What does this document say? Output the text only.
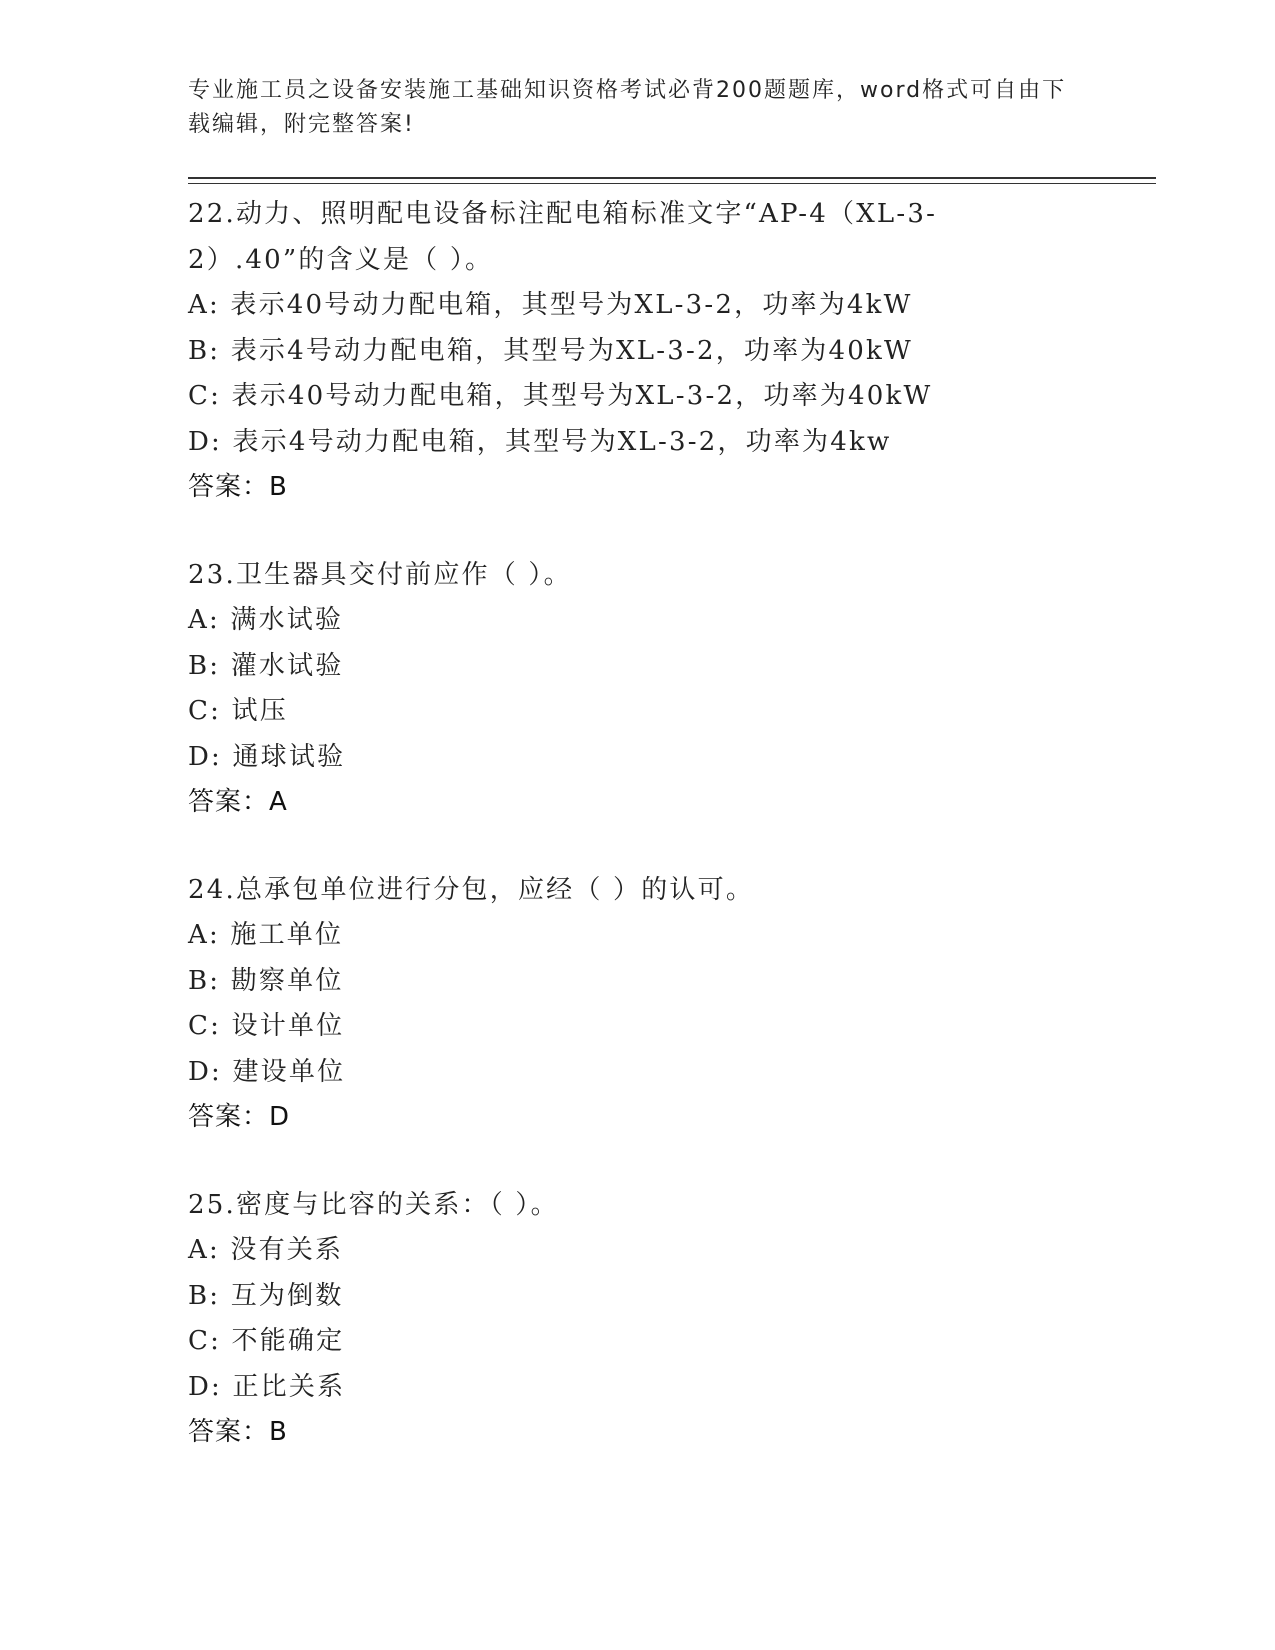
专业施工员之设备安装施工基础知识资格考试必背200题题库，word格式可自由下载编辑，附完整答案!
22.动力、照明配电设备标注配电箱标准文字“AP-4（XL-3-2）.40”的含义是（ ）。
A: 表示40号动力配电箱，其型号为XL-3-2，功率为4kW
B: 表示4号动力配电箱，其型号为XL-3-2，功率为40kW
C: 表示40号动力配电箱，其型号为XL-3-2，功率为40kW
D: 表示4号动力配电箱，其型号为XL-3-2，功率为4kw
答案：B
23.卫生器具交付前应作（ ）。
A: 满水试验
B: 灌水试验
C: 试压
D: 通球试验
答案：A
24.总承包单位进行分包，应经（ ）的认可。
A: 施工单位
B: 勘察单位
C: 设计单位
D: 建设单位
答案：D
25.密度与比容的关系：（ ）。
A: 没有关系
B: 互为倒数
C: 不能确定
D: 正比关系
答案：B
